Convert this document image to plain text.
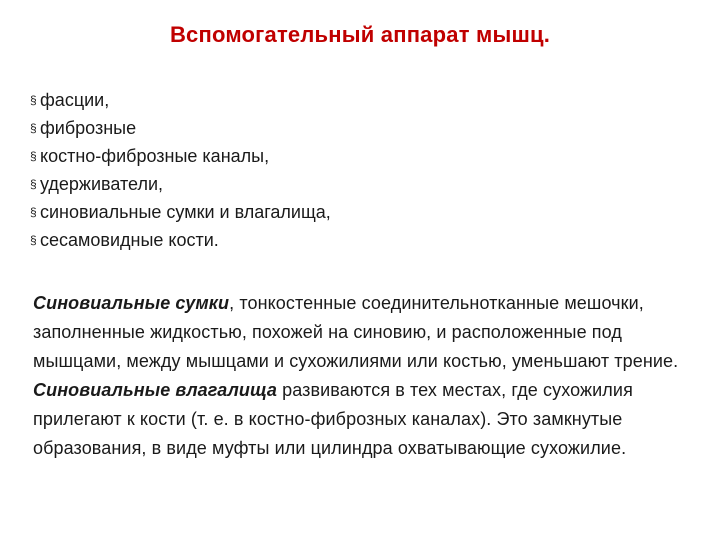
Вспомогательный аппарат мышц.
§ фасции,
§ фиброзные
§ костно-фиброзные каналы,
§ удерживатели,
§ синовиальные сумки и влагалища,
§ сесамовидные кости.

Синовиальные сумки, тонкостенные соединительнотканные мешочки, заполненные жидкостью, похожей на синовию, и расположенные под мышцами, между мышцами и сухожилиями или костью, уменьшают трение. Синовиальные влагалища развиваются в тех местах, где сухожилия прилегают к кости (т. е. в костно-фиброзных каналах). Это замкнутые образования, в виде муфты или цилиндра охватывающие сухожилие.
